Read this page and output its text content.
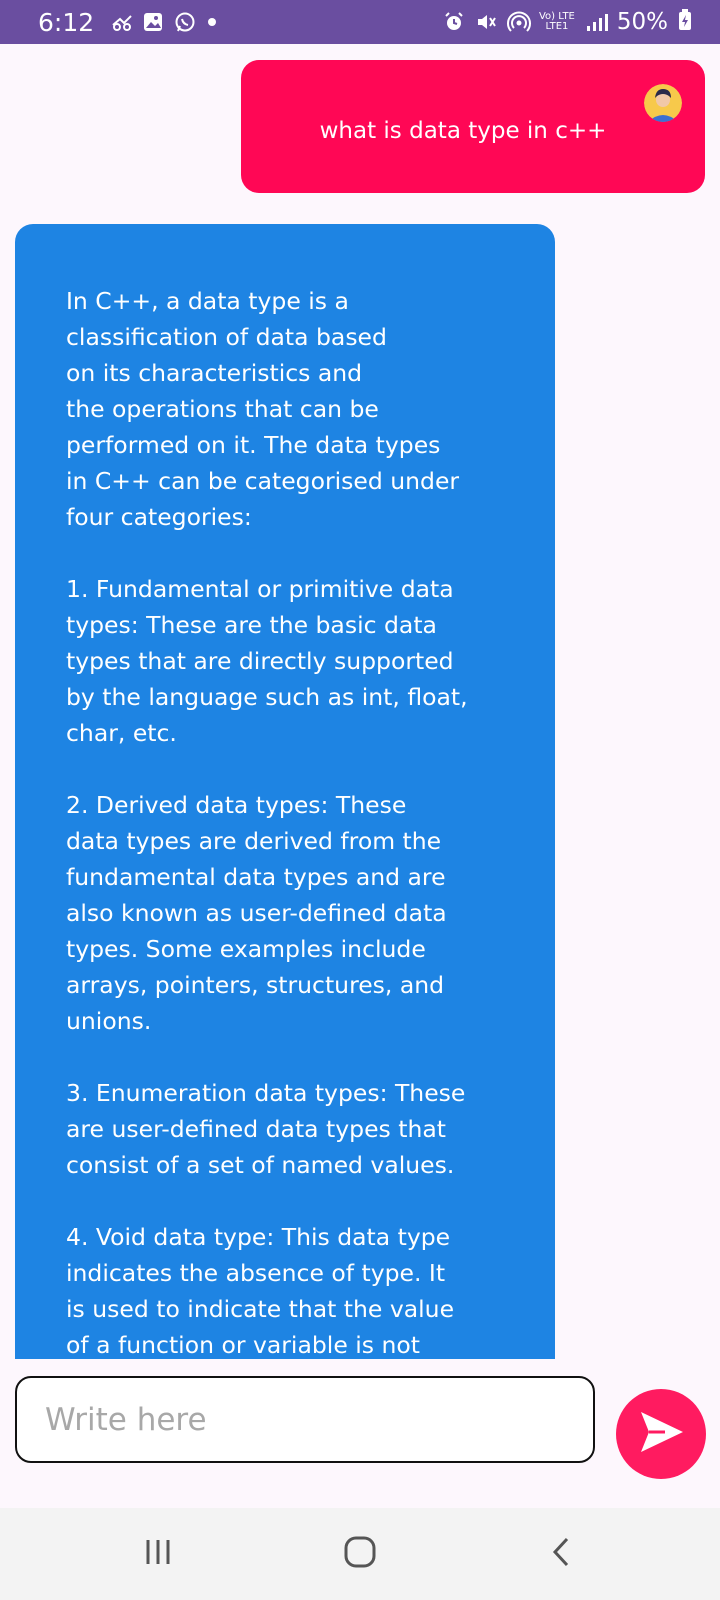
6:12	Vo) LTE
LTE1 50%
what is data type in c++
In C++, a data type is a
classification of data based
on its characteristics and
the operations that can be
performed on it. The data types
in C++ can be categorised under
four categories:

1. Fundamental or primitive data
types: These are the basic data
types that are directly supported
by the language such as int, float,
char, etc.

2. Derived data types: These
data types are derived from the
fundamental data types and are
also known as user-defined data
types. Some examples include
arrays, pointers, structures, and
unions.

3. Enumeration data types: These
are user-defined data types that
consist of a set of named values.

4. Void data type: This data type
indicates the absence of type. It
is used to indicate that the value
of a function or variable is not
Write here
